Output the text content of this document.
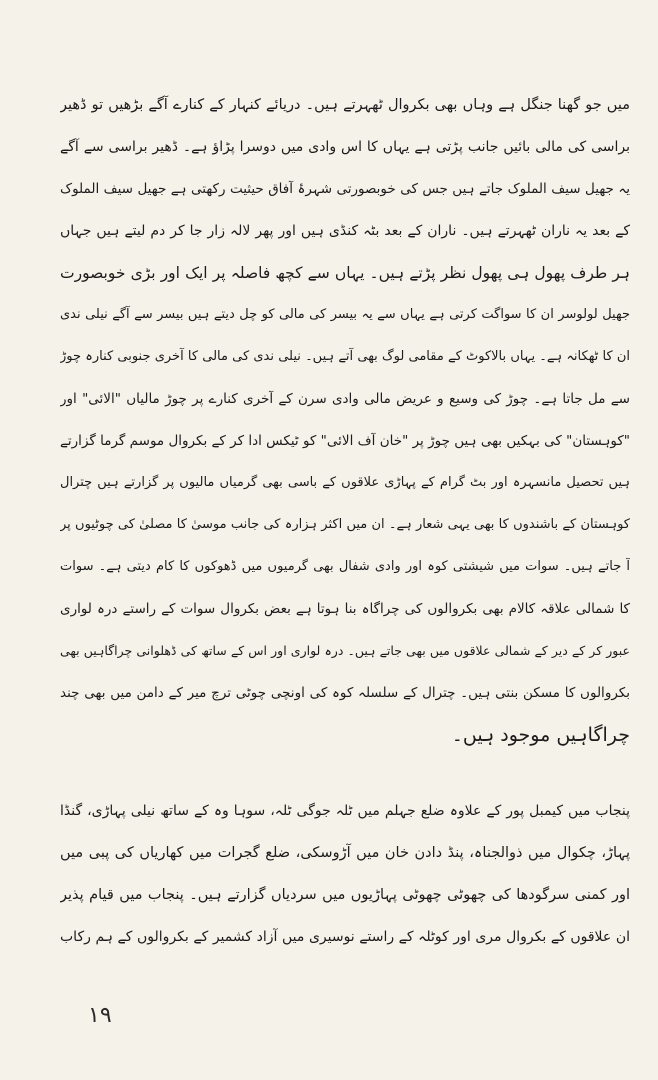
میں جو گھنا جنگل ہے وہاں بھی بکروال ٹھہرتے ہیں۔ دریائے کنہار کے کنارے آگے بڑھیں تو ڈھیر
براسی کی مالی بائیں جانب پڑتی ہے یہاں کا اس وادی میں دوسرا پڑاؤ ہے۔ ڈھیر براسی سے آگے
یہ جھیل سیف الملوک جاتے ہیں جس کی خوبصورتی شہرۂ آفاق حیثیت رکھتی ہے جھیل سیف الملوک
کے بعد یہ ناران ٹھہرتے ہیں۔ ناران کے بعد بٹہ کنڈی ہیں اور پھر لالہ زار جا کر دم لیتے ہیں جہاں
ہر طرف پھول ہی پھول نظر پڑتے ہیں۔ یہاں سے کچھ فاصلہ پر ایک اور بڑی خوبصورت
جھیل لولوسر ان کا سواگت کرتی ہے یہاں سے یہ بیسر کی مالی کو چل دیتے ہیں بیسر سے آگے نیلی ندی
ان کا ٹھکانہ ہے۔ یہاں بالاکوٹ کے مقامی لوگ بھی آتے ہیں۔ نیلی ندی کی مالی کا آخری جنوبی کنارہ چوڑ
سے مل جاتا ہے۔ چوڑ کی وسیع و عریض مالی وادی سرن کے آخری کنارے پر چوڑ مالیاں "الائی" اور
"کوہستان" کی بہکیں بھی ہیں چوڑ پر "خان آف الائی" کو ٹیکس ادا کر کے بکروال موسم گرما گزارتے
ہیں تحصیل مانسہرہ اور بٹ گرام کے پہاڑی علاقوں کے باسی بھی گرمیاں مالیوں پر گزارتے ہیں چترال
کوہستان کے باشندوں کا بھی یہی شعار ہے۔ ان میں اکثر ہزارہ کی جانب موسیٰ کا مصلیٰ کی چوٹیوں پر
آ جاتے ہیں۔ سوات میں شیشتی کوہ اور وادی شفال بھی گرمیوں میں ڈھوکوں کا کام دیتی ہے۔ سوات
کا شمالی علاقہ کالام بھی بکروالوں کی چراگاہ بنا ہوتا ہے بعض بکروال سوات کے راستے درہ لواری
عبور کر کے دیر کے شمالی علاقوں میں بھی جاتے ہیں۔ درہ لواری اور اس کے ساتھ کی ڈھلوانی چراگاہیں بھی
بکروالوں کا مسکن بنتی ہیں۔ چترال کے سلسلہ کوہ کی اونچی چوٹی ترچ میر کے دامن میں بھی چند
چراگاہیں موجود ہیں۔
پنجاب میں کیمبل پور کے علاوہ ضلع جہلم میں ٹلہ جوگی ٹلہ، سوہا وہ کے ساتھ نیلی پہاڑی، گنڈا
پہاڑ، چکوال میں ذوالجناہ، پنڈ دادن خان میں آڑوسکی، ضلع گجرات میں کھاریاں کی پبی میں
اور کمنی سرگودھا کی چھوٹی چھوٹی پہاڑیوں میں سردیاں گزارتے ہیں۔ پنجاب میں قیام پذیر
ان علاقوں کے بکروال مری اور کوٹلہ کے راستے نوسیری میں آزاد کشمیر کے بکروالوں کے ہم رکاب
۱۹
